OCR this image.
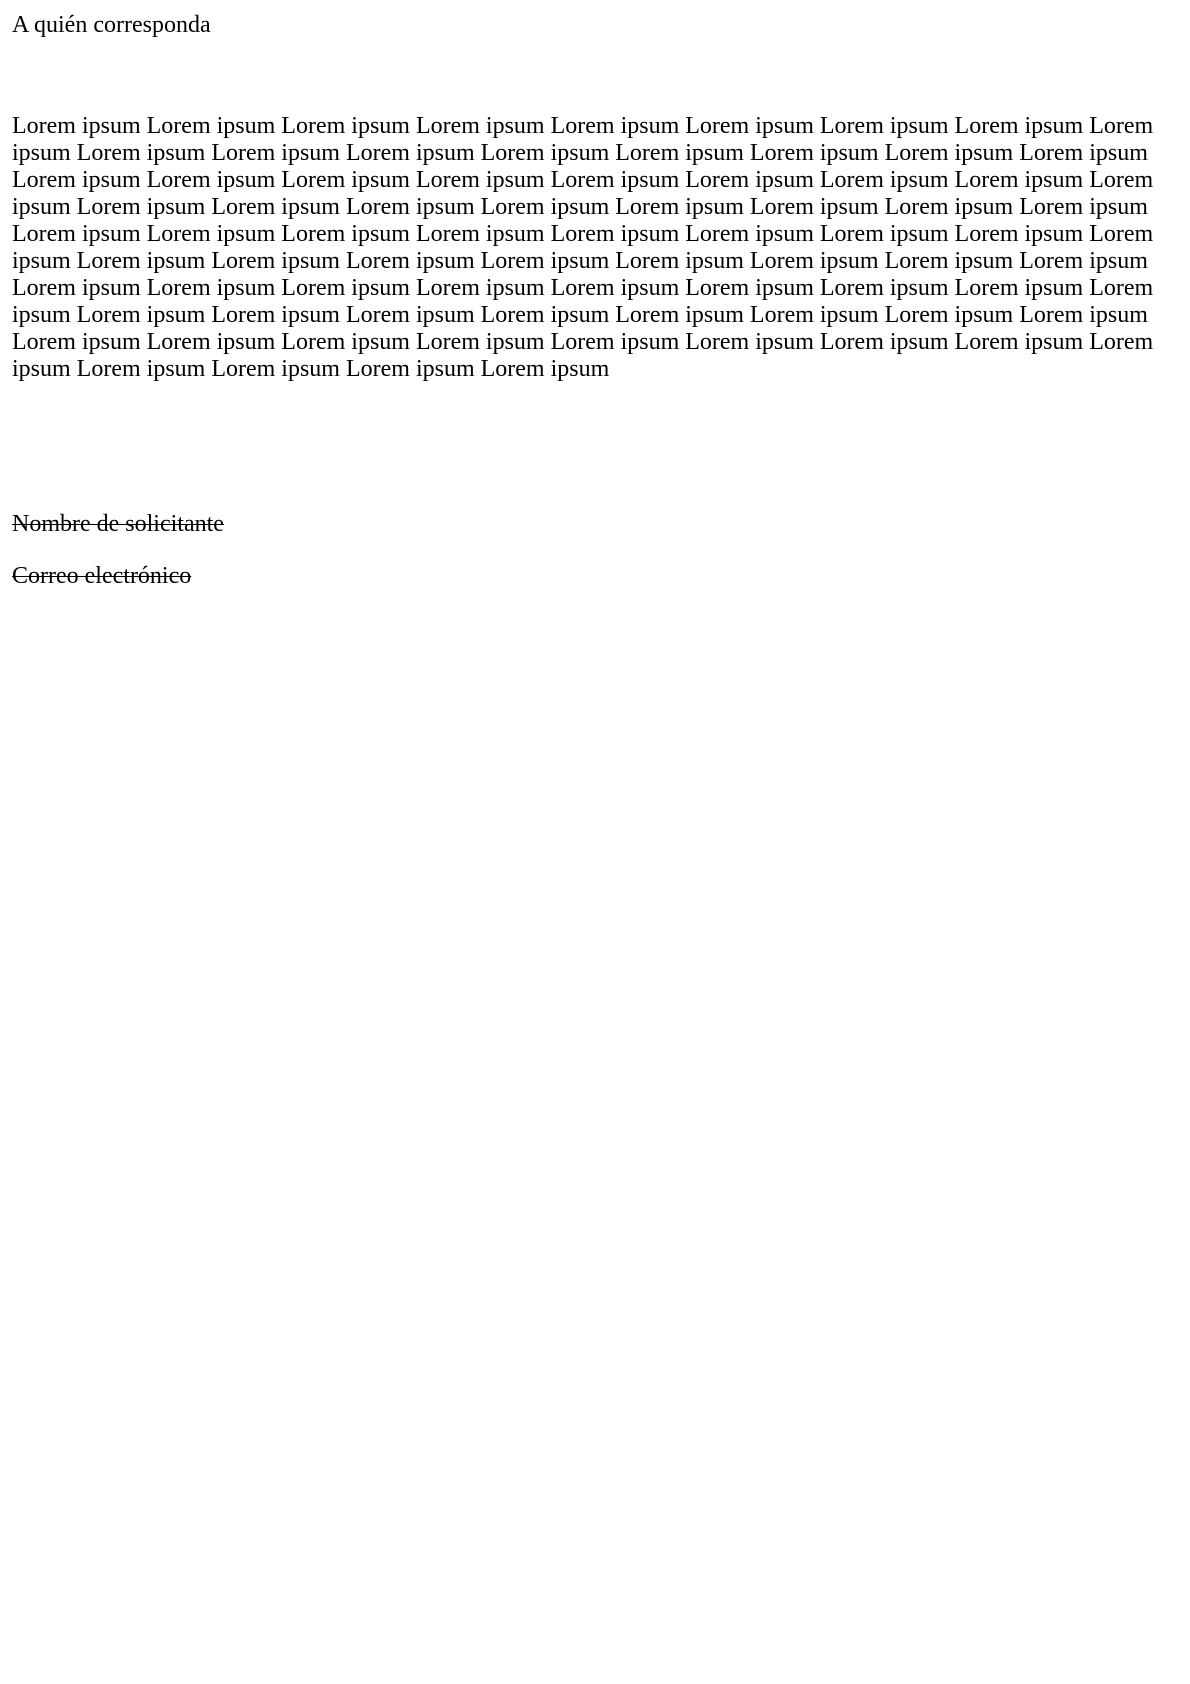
A quién corresponda
Lorem ipsum Lorem ipsum Lorem ipsum Lorem ipsum Lorem ipsum Lorem ipsum Lorem ipsum Lorem ipsum Lorem
ipsum Lorem ipsum Lorem ipsum Lorem ipsum Lorem ipsum Lorem ipsum Lorem ipsum Lorem ipsum Lorem ipsum
Lorem ipsum Lorem ipsum Lorem ipsum Lorem ipsum Lorem ipsum Lorem ipsum Lorem ipsum Lorem ipsum Lorem
ipsum Lorem ipsum Lorem ipsum Lorem ipsum Lorem ipsum Lorem ipsum Lorem ipsum Lorem ipsum Lorem ipsum
Lorem ipsum Lorem ipsum Lorem ipsum Lorem ipsum Lorem ipsum Lorem ipsum Lorem ipsum Lorem ipsum Lorem
ipsum Lorem ipsum Lorem ipsum Lorem ipsum Lorem ipsum Lorem ipsum Lorem ipsum Lorem ipsum Lorem ipsum
Lorem ipsum Lorem ipsum Lorem ipsum Lorem ipsum Lorem ipsum Lorem ipsum Lorem ipsum Lorem ipsum Lorem
ipsum Lorem ipsum Lorem ipsum Lorem ipsum Lorem ipsum Lorem ipsum Lorem ipsum Lorem ipsum Lorem ipsum
Lorem ipsum Lorem ipsum Lorem ipsum Lorem ipsum Lorem ipsum Lorem ipsum Lorem ipsum Lorem ipsum Lorem
ipsum Lorem ipsum Lorem ipsum Lorem ipsum Lorem ipsum
Nombre de solicitante
Correo electrónico
